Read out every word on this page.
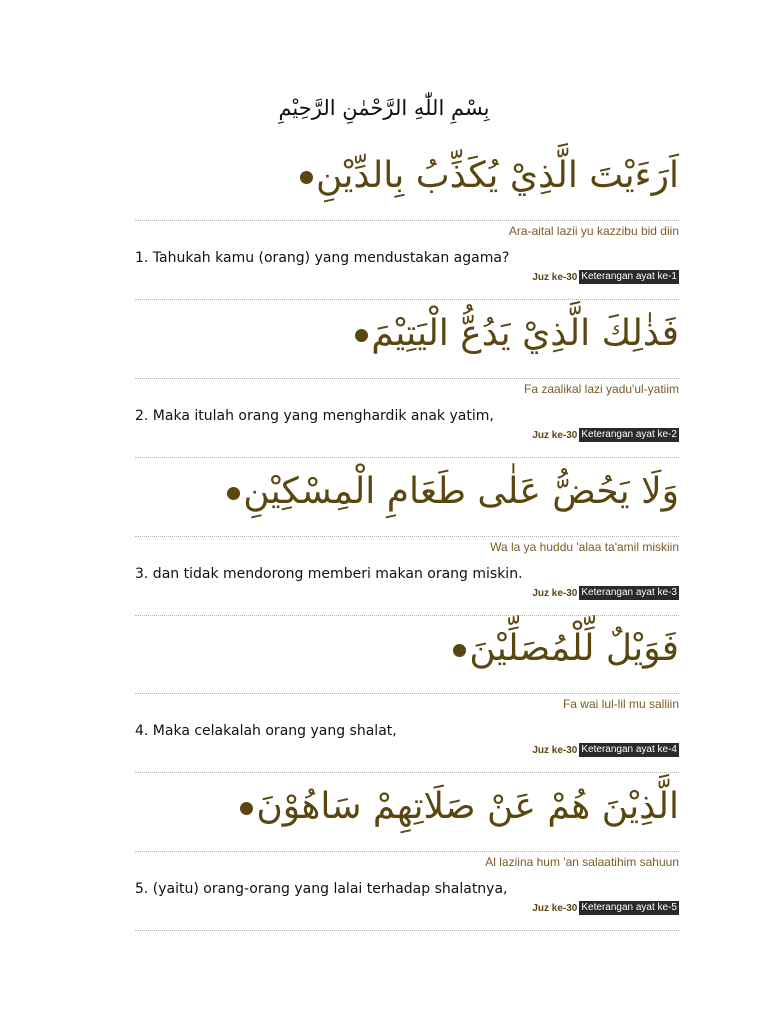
بِسْمِ اللّٰهِ الرَّحْمٰنِ الرَّحِيْمِ
اَرَءَيْتَ الَّذِيْ يُكَذِّبُ بِالدِّيْنِ
Ara-aital lazii yu kazzibu bid diin
1. Tahukah kamu (orang) yang mendustakan agama?
Juz ke-30 Keterangan ayat ke-1
فَذٰلِكَ الَّذِيْ يَدُعُّ الْيَتِيْمَ
Fa zaalikal lazi yadu'ul-yatiim
2. Maka itulah orang yang menghardik anak yatim,
Juz ke-30 Keterangan ayat ke-2
وَلَا يَحُضُّ عَلٰى طَعَامِ الْمِسْكِيْنِ
Wa la ya huddu 'alaa ta'amil miskiin
3. dan tidak mendorong memberi makan orang miskin.
Juz ke-30 Keterangan ayat ke-3
فَوَيْلٌ لِّلْمُصَلِّيْنَ
Fa wai lul-lil mu salliin
4. Maka celakalah orang yang shalat,
Juz ke-30 Keterangan ayat ke-4
الَّذِيْنَ هُمْ عَنْ صَلَاتِهِمْ سَاهُوْنَ
Al laziina hum 'an salaatihim sahuun
5. (yaitu) orang-orang yang lalai terhadap shalatnya,
Juz ke-30 Keterangan ayat ke-5
